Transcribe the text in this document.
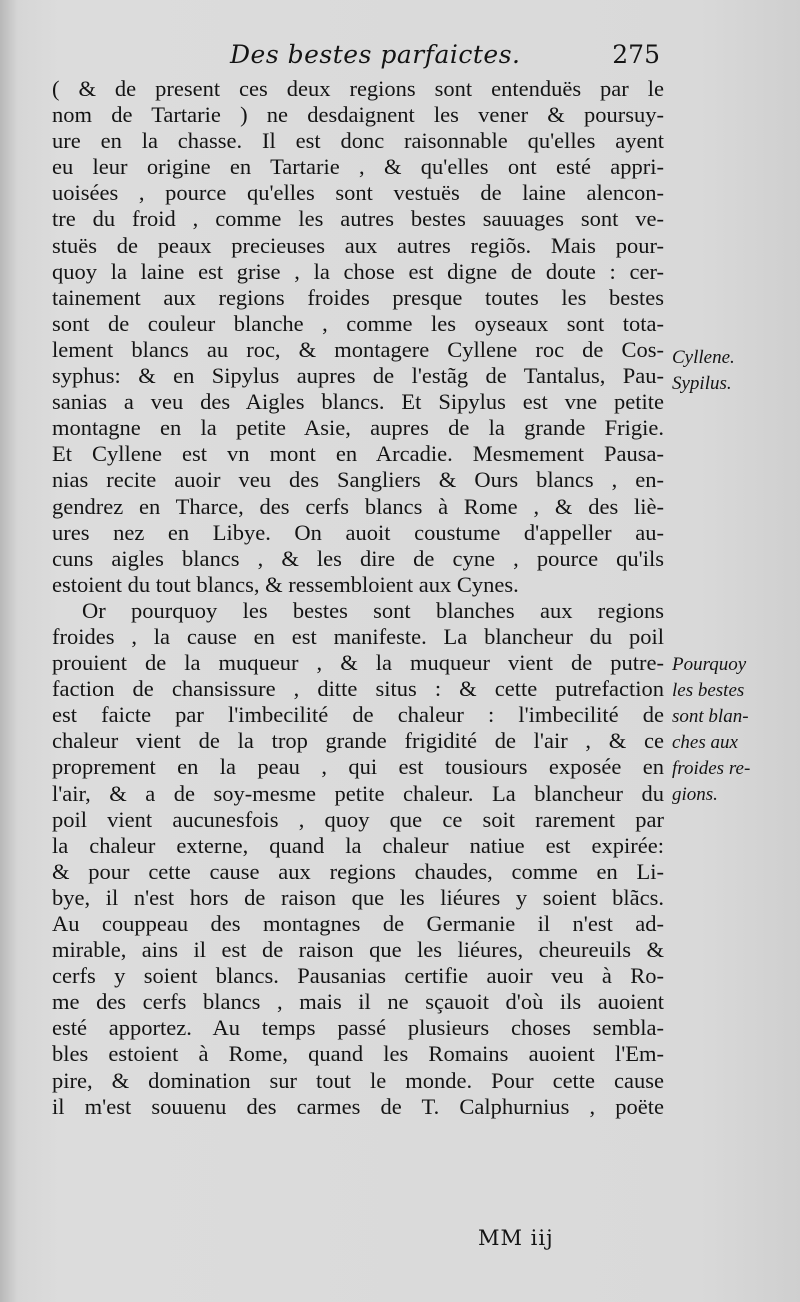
Des bestes parfaictes.	275
( & de present ces deux regions sont entenduës par le
nom de Tartarie ) ne desdaignent les vener & poursuy-
ure en la chasse. Il est donc raisonnable qu'elles ayent
eu leur origine en Tartarie , & qu'elles ont esté appri-
uoisées , pource qu'elles sont vestuës de laine alencon-
tre du froid , comme les autres bestes sauuages sont ve-
stuës de peaux precieuses aux autres regiõs. Mais pour-
quoy la laine est grise , la chose est digne de doute : cer-
tainement aux regions froides presque toutes les bestes
sont de couleur blanche , comme les oyseaux sont tota-
lement blancs au roc, & montagere Cyllene roc de Cos-
syphus: & en Sipylus aupres de l'estãg de Tantalus, Pau-
sanias a veu des Aigles blancs. Et Sipylus est vne petite
montagne en la petite Asie, aupres de la grande Frigie.
Et Cyllene est vn mont en Arcadie. Mesmement Pausa-
nias recite auoir veu des Sangliers & Ours blancs , en-
gendrez en Tharce, des cerfs blancs à Rome , & des liè-
ures nez en Libye. On auoit coustume d'appeller au-
cuns aigles blancs , & les dire de cyne , pource qu'ils
estoient du tout blancs, & ressembloient aux Cynes.
Or pourquoy les bestes sont blanches aux regions
froides , la cause en est manifeste. La blancheur du poil
prouient de la muqueur , & la muqueur vient de putre-
faction de chansissure , ditte situs : & cette putrefaction
est faicte par l'imbecilité de chaleur : l'imbecilité de
chaleur vient de la trop grande frigidité de l'air , & ce
proprement en la peau , qui est tousiours exposée en
l'air, & a de soy-mesme petite chaleur. La blancheur du
poil vient aucunesfois , quoy que ce soit rarement par
la chaleur externe, quand la chaleur natiue est expirée:
& pour cette cause aux regions chaudes, comme en Li-
bye, il n'est hors de raison que les liéures y soient blãcs.
Au couppeau des montagnes de Germanie il n'est ad-
mirable, ains il est de raison que les liéures, cheureuils &
cerfs y soient blancs. Pausanias certifie auoir veu à Ro-
me des cerfs blancs , mais il ne sçauoit d'où ils auoient
esté apportez. Au temps passé plusieurs choses sembla-
bles estoient à Rome, quand les Romains auoient l'Em-
pire, & domination sur tout le monde. Pour cette cause
il m'est souuenu des carmes de T. Calphurnius , poëte
Cyllene.
Sypilus.
Pourquoy
les bestes
sont blan-
ches aux
froides re-
gions.
MM iij
